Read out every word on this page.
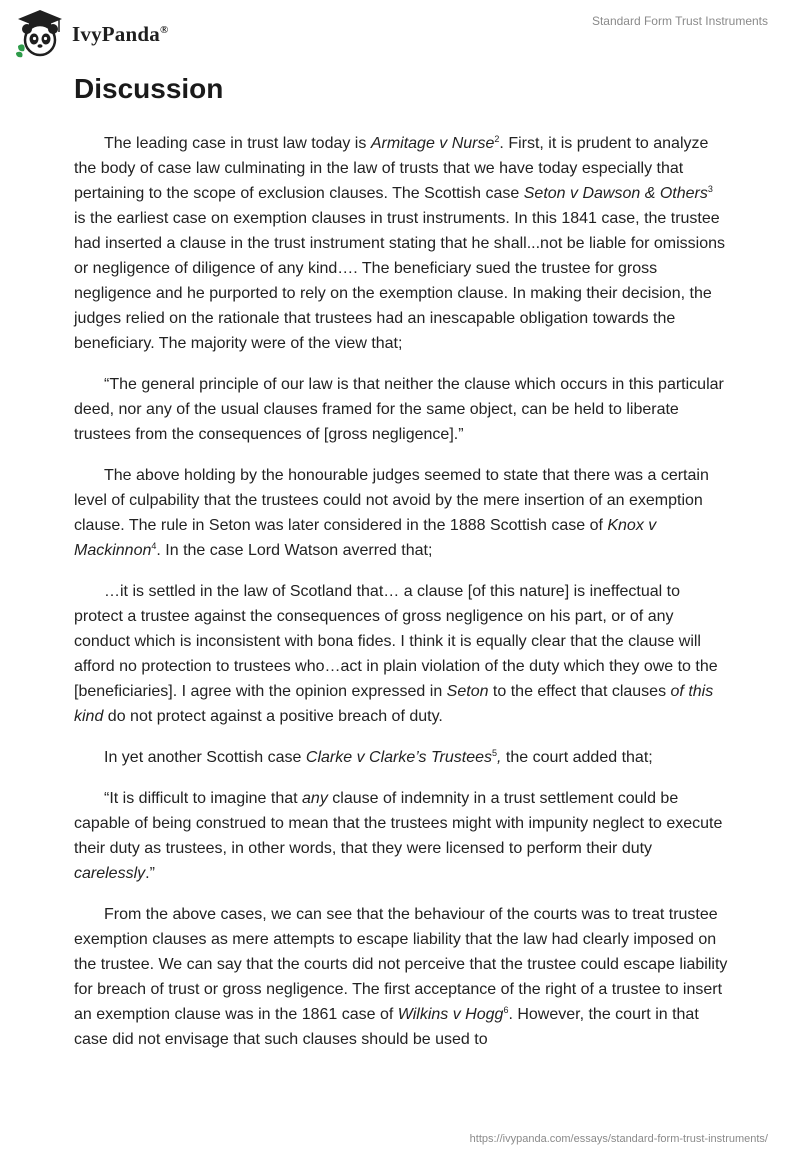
IvyPanda®
Standard Form Trust Instruments
Discussion

The leading case in trust law today is Armitage v Nurse$^2$. First, it is prudent to analyze the body of case law culminating in the law of trusts that we have today especially that pertaining to the scope of exclusion clauses. The Scottish case Seton v Dawson & Others$^3$ is the earliest case on exemption clauses in trust instruments. In this 1841 case, the trustee had inserted a clause in the trust instrument stating that he shall...not be liable for omissions or negligence of diligence of any kind…. The beneficiary sued the trustee for gross negligence and he purported to rely on the exemption clause. In making their decision, the judges relied on the rationale that trustees had an inescapable obligation towards the beneficiary. The majority were of the view that;

“The general principle of our law is that neither the clause which occurs in this particular deed, nor any of the usual clauses framed for the same object, can be held to liberate trustees from the consequences of [gross negligence].”

The above holding by the honourable judges seemed to state that there was a certain level of culpability that the trustees could not avoid by the mere insertion of an exemption clause. The rule in Seton was later considered in the 1888 Scottish case of Knox v Mackinnon$^4$. In the case Lord Watson averred that;

…it is settled in the law of Scotland that… a clause [of this nature] is ineffectual to protect a trustee against the consequences of gross negligence on his part, or of any conduct which is inconsistent with bona fides. I think it is equally clear that the clause will afford no protection to trustees who…act in plain violation of the duty which they owe to the [beneficiaries]. I agree with the opinion expressed in Seton to the effect that clauses of this kind do not protect against a positive breach of duty.

In yet another Scottish case Clarke v Clarke’s Trustees$^5$, the court added that;

“It is difficult to imagine that any clause of indemnity in a trust settlement could be capable of being construed to mean that the trustees might with impunity neglect to execute their duty as trustees, in other words, that they were licensed to perform their duty carelessly.”

From the above cases, we can see that the behaviour of the courts was to treat trustee exemption clauses as mere attempts to escape liability that the law had clearly imposed on the trustee. We can say that the courts did not perceive that the trustee could escape liability for breach of trust or gross negligence. The first acceptance of the right of a trustee to insert an exemption clause was in the 1861 case of Wilkins v Hogg$^6$. However, the court in that case did not envisage that such clauses should be used to

https://ivypanda.com/essays/standard-form-trust-instruments/
